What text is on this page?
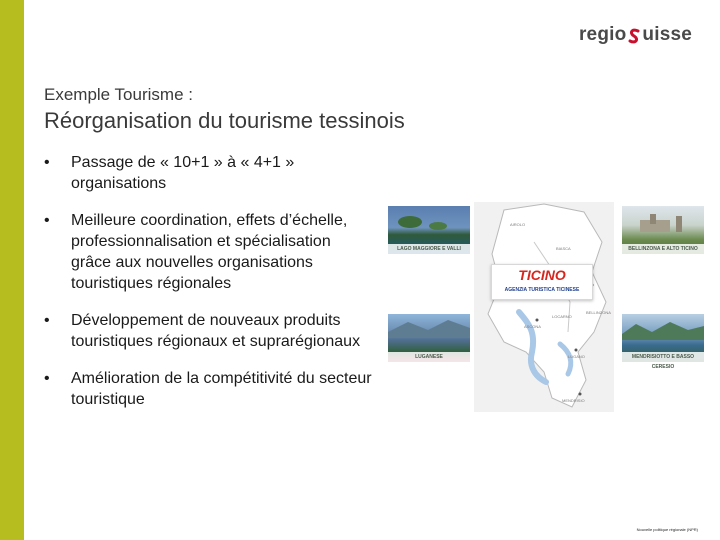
regio uisse
Exemple Tourisme :
Réorganisation du tourisme tessinois
• Passage de « 10+1 » à « 4+1 » organisations
• Meilleure coordination, effets d’échelle, professionnalisation et spécialisation grâce aux nouvelles organisations touristiques régionales
• Développement de nouveaux produits touristiques régionaux et suprarégionaux
• Amélioration de la compétitivité du secteur touristique
AIROLO
BIASCA
BELLINZONA
ASCONA
LOCARNO
LUGANO
MENDRISIO
LAGO MAGGIORE E VALLI	BELLINZONA E ALTO TICINO
LUGANESE	MENDRISIOTTO E BASSO CERESIO
TICINO
AGENZIA TURISTICA TICINESE
Nouvelle politique régionale (NPR)
